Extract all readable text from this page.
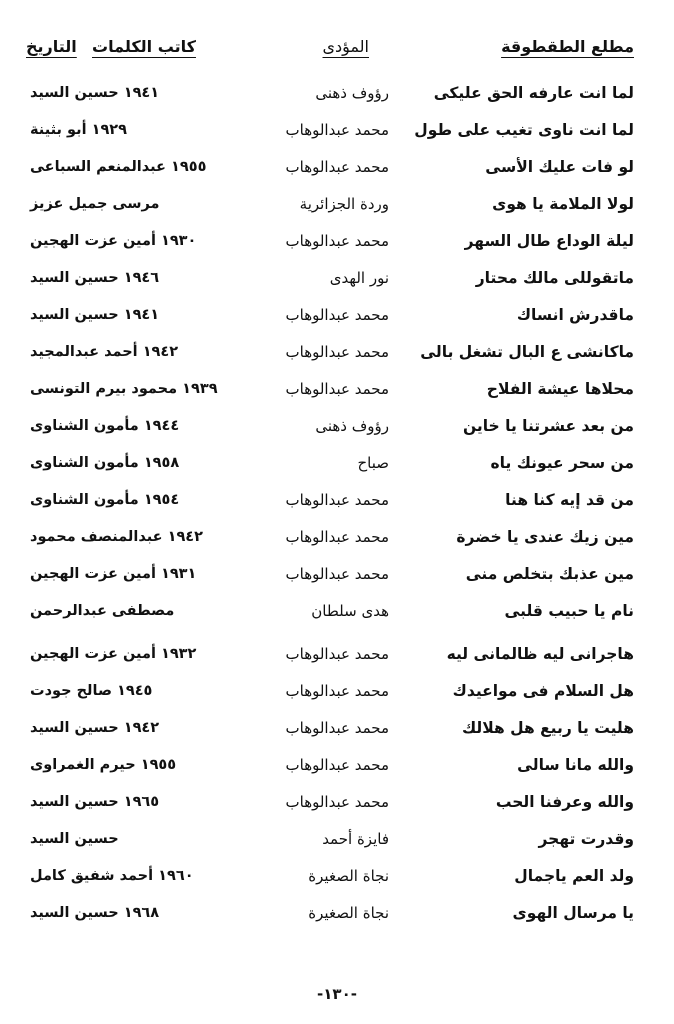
مطلع الطقطوقة
المؤدى
كاتب الكلمات
التاريخ
لما انت عارفه الحق عليكى
رؤوف ذهنى
١٩٤١ حسين السيد
لما انت ناوى تغيب على طول
محمد عبدالوهاب
١٩٢٩ أبو بثينة
لو فات عليك الأسى
محمد عبدالوهاب
١٩٥٥ عبدالمنعم السباعى
لولا الملامة يا هوى
وردة الجزائرية
مرسى جميل عزيز
ليلة الوداع طال السهر
محمد عبدالوهاب
١٩٣٠ أمين عزت الهجين
ماتقوللى مالك محتار
نور الهدى
١٩٤٦ حسين السيد
ماقدرش انساك
محمد عبدالوهاب
١٩٤١ حسين السيد
ماكانشى ع البال تشغل بالى
محمد عبدالوهاب
١٩٤٢ أحمد عبدالمجيد
محلاها عيشة الفلاح
محمد عبدالوهاب
١٩٣٩ محمود بيرم التونسى
من بعد عشرتنا يا خاين
رؤوف ذهنى
١٩٤٤ مأمون الشناوى
من سحر عيونك ياه
صباح
١٩٥٨ مأمون الشناوى
من قد إيه كنا هنا
محمد عبدالوهاب
١٩٥٤ مأمون الشناوى
مين زيك عندى يا خضرة
محمد عبدالوهاب
١٩٤٢ عبدالمنصف محمود
مين عذبك بتخلص منى
محمد عبدالوهاب
١٩٣١ أمين عزت الهجين
نام يا حبيب قلبى
هدى سلطان
مصطفى عبدالرحمن
هاجرانى ليه ظالمانى ليه
محمد عبدالوهاب
١٩٣٢ أمين عزت الهجين
هل السلام فى مواعيدك
محمد عبدالوهاب
١٩٤٥ صالح جودت
هليت يا ربيع هل هلالك
محمد عبدالوهاب
١٩٤٢ حسين السيد
والله مانا سالى
محمد عبدالوهاب
١٩٥٥ حيرم الغمراوى
والله وعرفنا الحب
محمد عبدالوهاب
١٩٦٥ حسين السيد
وقدرت تهجر
فايزة أحمد
حسين السيد
ولد العم ياجمال
نجاة الصغيرة
١٩٦٠ أحمد شفيق كامل
يا مرسال الهوى
نجاة الصغيرة
١٩٦٨ حسين السيد
-١٣٠-
